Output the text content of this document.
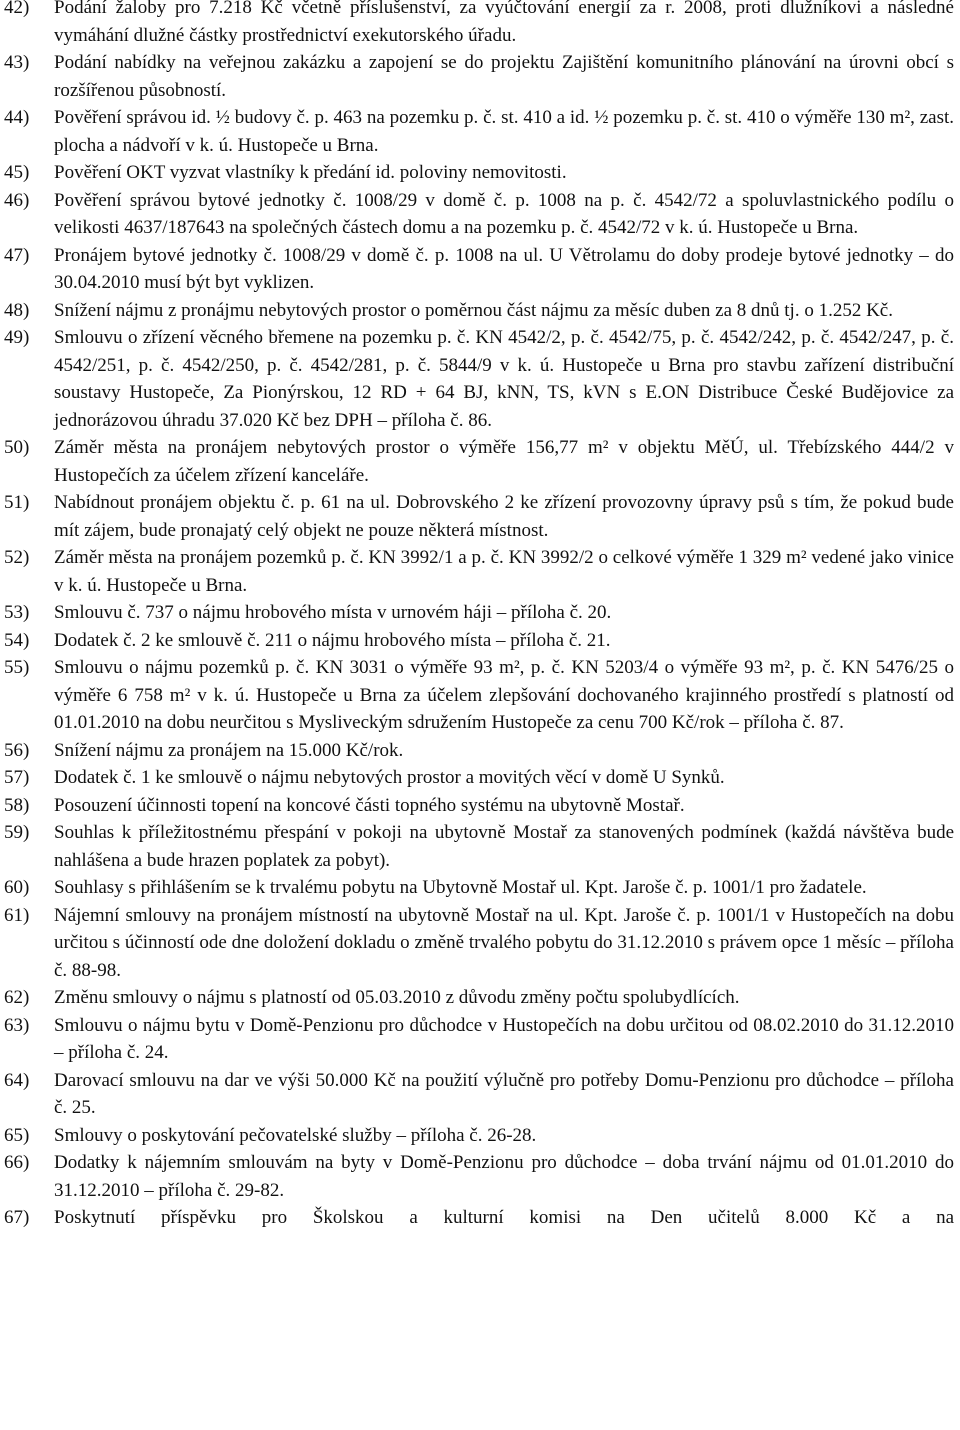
42)	Podání žaloby pro 7.218 Kč včetně příslušenství, za vyúčtování energií za r. 2008, proti dlužníkovi a následné vymáhání dlužné částky prostřednictví exekutorského úřadu.
43)	Podání nabídky na veřejnou zakázku a zapojení se do projektu Zajištění komunitního plánování na úrovni obcí s rozšířenou působností.
44)	Pověření správou id. ½ budovy č. p. 463 na pozemku p. č. st. 410 a id. ½ pozemku p. č. st. 410 o výměře 130 m², zast. plocha a nádvoří v k. ú. Hustopeče u Brna.
45)	Pověření OKT vyzvat vlastníky k předání id. poloviny nemovitosti.
46)	Pověření správou bytové jednotky č. 1008/29 v domě č. p. 1008 na p. č. 4542/72 a spoluvlastnického podílu o velikosti 4637/187643 na společných částech domu a na pozemku p. č. 4542/72 v k. ú. Hustopeče u Brna.
47)	Pronájem bytové jednotky č. 1008/29 v domě č. p. 1008 na ul. U Větrolamu do doby prodeje bytové jednotky – do 30.04.2010 musí být byt vyklizen.
48)	Snížení nájmu z pronájmu nebytových prostor o poměrnou část nájmu za měsíc duben za 8 dnů tj. o 1.252 Kč.
49)	Smlouvu o zřízení věcného břemene na pozemku p. č. KN 4542/2, p. č. 4542/75, p. č. 4542/242, p. č. 4542/247, p. č. 4542/251, p. č. 4542/250, p. č. 4542/281, p. č. 5844/9 v k. ú. Hustopeče u Brna pro stavbu zařízení distribuční soustavy Hustopeče, Za Pionýrskou, 12 RD + 64 BJ, kNN, TS, kVN s E.ON Distribuce České Budějovice za jednorázovou úhradu 37.020 Kč bez DPH – příloha č. 86.
50)	Záměr města na pronájem nebytových prostor o výměře 156,77 m² v objektu MěÚ, ul. Třebízského 444/2 v Hustopečích za účelem zřízení kanceláře.
51)	Nabídnout pronájem objektu č. p. 61 na ul. Dobrovského 2 ke zřízení provozovny úpravy psů s tím, že pokud bude mít zájem, bude pronajatý celý objekt ne pouze některá místnost.
52)	Záměr města na pronájem pozemků p. č. KN 3992/1 a p. č. KN 3992/2 o celkové výměře 1 329 m² vedené jako vinice v k. ú. Hustopeče u Brna.
53)	Smlouvu č. 737 o nájmu hrobového místa v urnovém háji – příloha č. 20.
54)	Dodatek č. 2 ke smlouvě č. 211 o nájmu hrobového místa – příloha č. 21.
55)	Smlouvu o nájmu pozemků p. č. KN 3031 o výměře 93 m², p. č. KN 5203/4 o výměře 93 m², p. č. KN 5476/25 o výměře 6 758 m² v k. ú. Hustopeče u Brna za účelem zlepšování dochovaného krajinného prostředí s platností od 01.01.2010 na dobu neurčitou s Mysliveckým sdružením Hustopeče za cenu 700 Kč/rok – příloha č. 87.
56)	Snížení nájmu za pronájem na 15.000 Kč/rok.
57)	Dodatek č. 1 ke smlouvě o nájmu nebytových prostor a movitých věcí v domě U Synků.
58)	Posouzení účinnosti topení na koncové části topného systému na ubytovně Mostař.
59)	Souhlas k příležitostnému přespání v pokoji na ubytovně Mostař za stanovených podmínek (každá návštěva bude nahlášena a bude hrazen poplatek za pobyt).
60)	Souhlasy s přihlášením se k trvalému pobytu na Ubytovně Mostař ul. Kpt. Jaroše č. p. 1001/1 pro žadatele.
61)	Nájemní smlouvy na pronájem místností na ubytovně Mostař na ul. Kpt. Jaroše č. p. 1001/1 v Hustopečích na dobu určitou s účinností ode dne doložení dokladu o změně trvalého pobytu do 31.12.2010 s právem opce 1 měsíc – příloha č. 88-98.
62)	Změnu smlouvy o nájmu s platností od 05.03.2010 z důvodu změny počtu spolubydlících.
63)	Smlouvu o nájmu bytu v Domě-Penzionu pro důchodce v Hustopečích na dobu určitou od 08.02.2010 do 31.12.2010 – příloha č. 24.
64)	Darovací smlouvu na dar ve výši 50.000 Kč na použití výlučně pro potřeby Domu-Penzionu pro důchodce – příloha č. 25.
65)	Smlouvy o poskytování pečovatelské služby – příloha č. 26-28.
66)	Dodatky k nájemním smlouvám na byty v Domě-Penzionu pro důchodce – doba trvání nájmu od 01.01.2010 do 31.12.2010 – příloha č. 29-82.
67)	Poskytnutí příspěvku pro Školskou a kulturní komisi na Den učitelů 8.000 Kč a na
